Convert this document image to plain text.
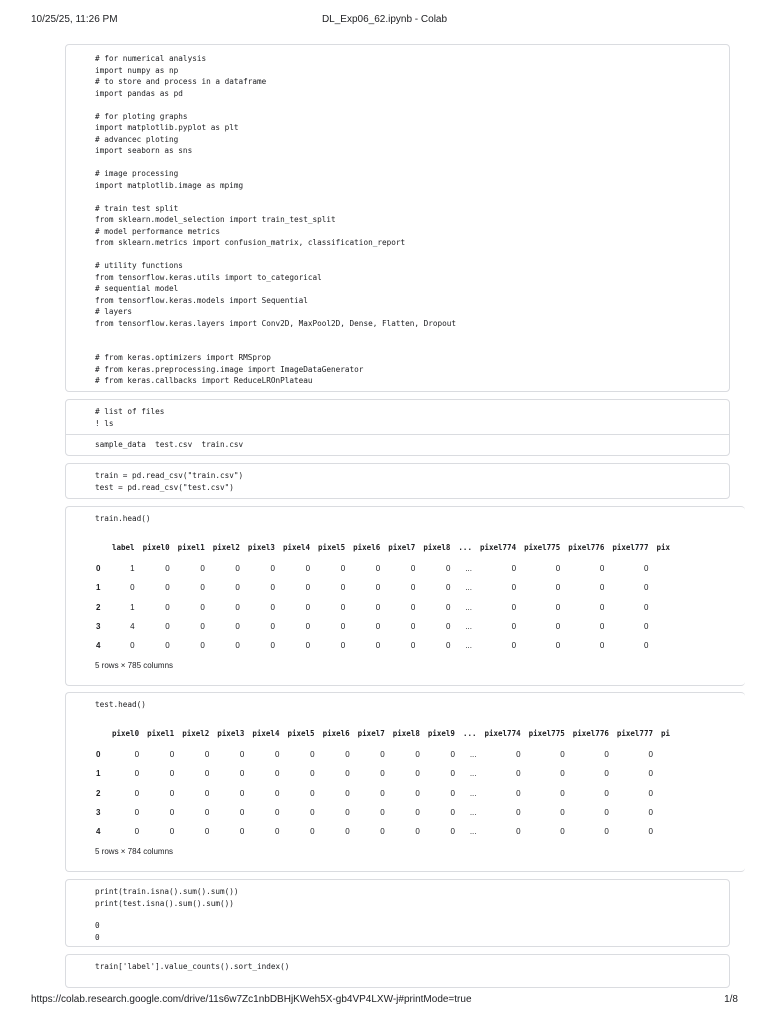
10/25/25, 11:26 PM	DL_Exp06_62.ipynb - Colab
# for numerical analysis
import numpy as np
# to store and process in a dataframe
import pandas as pd

# for ploting graphs
import matplotlib.pyplot as plt
# advancec ploting
import seaborn as sns

# image processing
import matplotlib.image as mpimg

# train test split
from sklearn.model_selection import train_test_split
# model performance metrics
from sklearn.metrics import confusion_matrix, classification_report

# utility functions
from tensorflow.keras.utils import to_categorical
# sequential model
from tensorflow.keras.models import Sequential
# layers
from tensorflow.keras.layers import Conv2D, MaxPool2D, Dense, Flatten, Dropout

# from keras.optimizers import RMSprop
# from keras.preprocessing.image import ImageDataGenerator
# from keras.callbacks import ReduceLROnPlateau
# list of files
! ls
sample_data  test.csv  train.csv
train = pd.read_csv("train.csv")
test = pd.read_csv("test.csv")
train.head()
	label	pixel0	pixel1	pixel2	pixel3	pixel4	pixel5	pixel6	pixel7	pixel8	...	pixel774	pixel775	pixel776	pixel777	pix
0	1	0	0	0	0	0	0	0	0	0	...	0	0	0	0	
1	0	0	0	0	0	0	0	0	0	0	...	0	0	0	0	
2	1	0	0	0	0	0	0	0	0	0	...	0	0	0	0	
3	4	0	0	0	0	0	0	0	0	0	...	0	0	0	0	
4	0	0	0	0	0	0	0	0	0	0	...	0	0	0	0	
5 rows × 785 columns
test.head()
	pixel0	pixel1	pixel2	pixel3	pixel4	pixel5	pixel6	pixel7	pixel8	pixel9	...	pixel774	pixel775	pixel776	pixel777	pi
0	0	0	0	0	0	0	0	0	0	0	...	0	0	0	0	
1	0	0	0	0	0	0	0	0	0	0	...	0	0	0	0	
2	0	0	0	0	0	0	0	0	0	0	...	0	0	0	0	
3	0	0	0	0	0	0	0	0	0	0	...	0	0	0	0	
4	0	0	0	0	0	0	0	0	0	0	...	0	0	0	0	
5 rows × 784 columns
print(train.isna().sum().sum())
print(test.isna().sum().sum())
0
0
train['label'].value_counts().sort_index()
https://colab.research.google.com/drive/11s6w7Zc1nbDBHjKWeh5X-gb4VP4LXW-j#printMode=true	1/8
